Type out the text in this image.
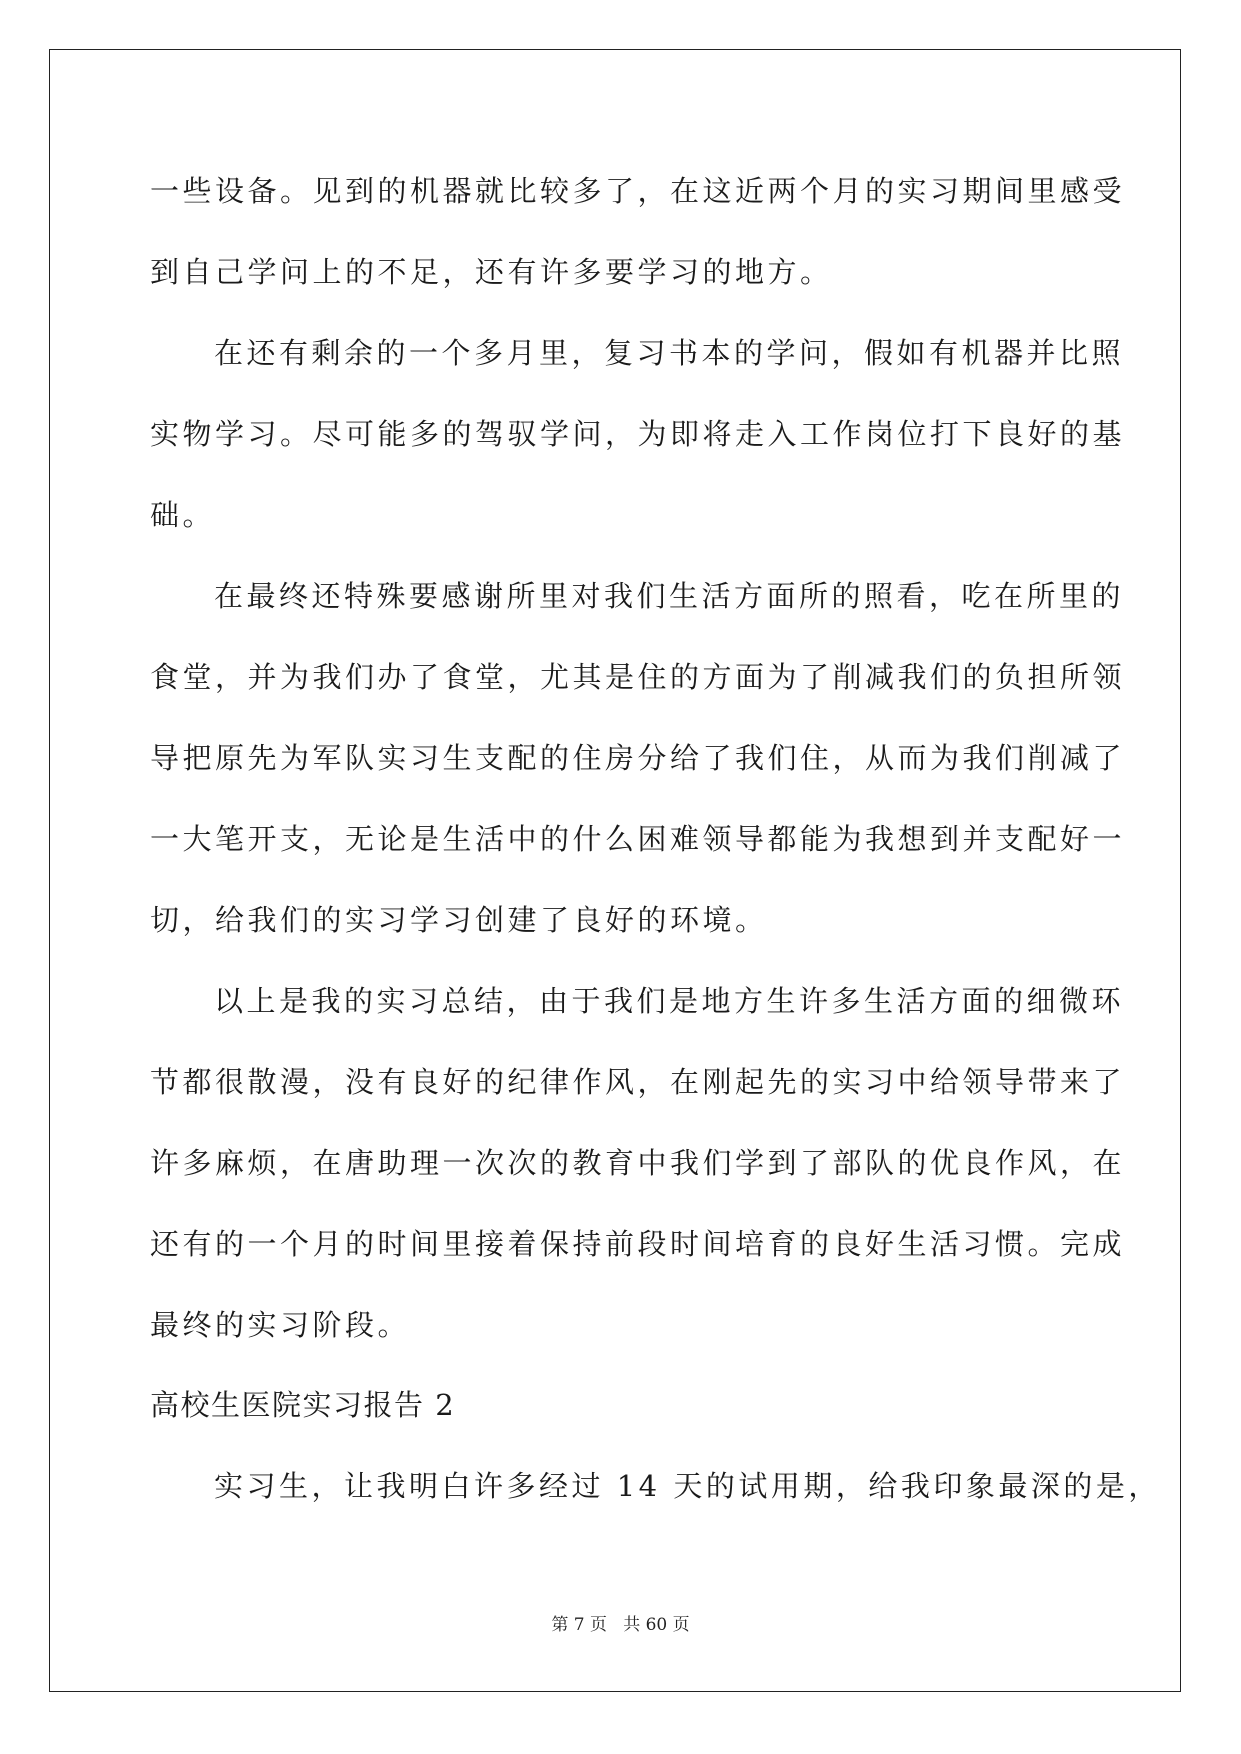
一些设备。见到的机器就比较多了，在这近两个月的实习期间里感受
到自己学问上的不足，还有许多要学习的地方。
在还有剩余的一个多月里，复习书本的学问，假如有机器并比照
实物学习。尽可能多的驾驭学问，为即将走入工作岗位打下良好的基
础。
在最终还特殊要感谢所里对我们生活方面所的照看，吃在所里的
食堂，并为我们办了食堂，尤其是住的方面为了削减我们的负担所领
导把原先为军队实习生支配的住房分给了我们住，从而为我们削减了
一大笔开支，无论是生活中的什么困难领导都能为我想到并支配好一
切，给我们的实习学习创建了良好的环境。
以上是我的实习总结，由于我们是地方生许多生活方面的细微环
节都很散漫，没有良好的纪律作风，在刚起先的实习中给领导带来了
许多麻烦，在唐助理一次次的教育中我们学到了部队的优良作风，在
还有的一个月的时间里接着保持前段时间培育的良好生活习惯。完成
最终的实习阶段。
高校生医院实习报告 2
实习生，让我明白许多经过 14 天的试用期，给我印象最深的是，
第 7 页   共 60 页
